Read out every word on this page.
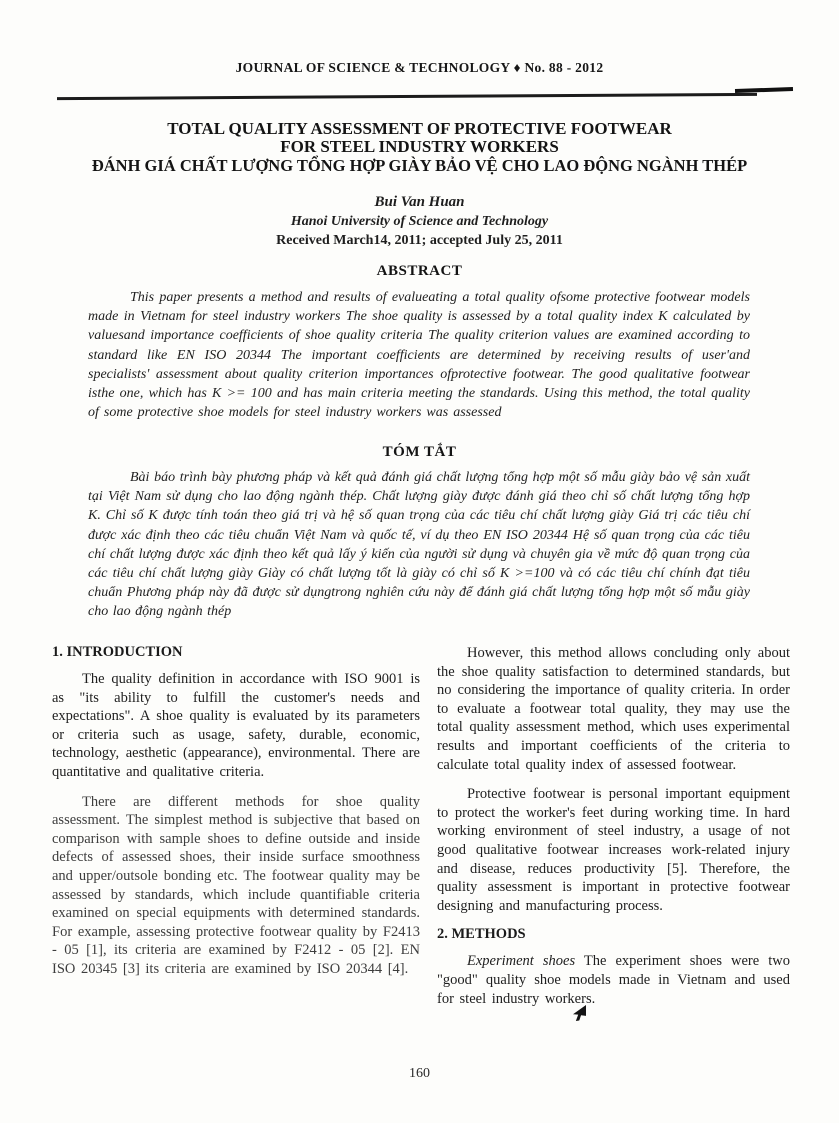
JOURNAL OF SCIENCE & TECHNOLOGY ♦ No. 88 - 2012
TOTAL QUALITY ASSESSMENT OF PROTECTIVE FOOTWEAR
FOR STEEL INDUSTRY WORKERS
ĐÁNH GIÁ CHẤT LƯỢNG TỔNG HỢP GIÀY BẢO VỆ CHO LAO ĐỘNG NGÀNH THÉP
Bui Van Huan
Hanoi University of Science and Technology
Received March14, 2011; accepted July 25, 2011
ABSTRACT

This paper presents a method and results of evalueating a total quality ofsome protective footwear models made in Vietnam for steel industry workers The shoe quality is assessed by a total quality index K calculated by valuesand importance coefficients of shoe quality criteria The quality criterion values are examined according to standard like EN ISO 20344 The important coefficients are determined by receiving results of user'and specialists' assessment about quality criterion importances ofprotective footwear. The good qualitative footwear isthe one, which has K >= 100 and has main criteria meeting the standards. Using this method, the total quality of some protective shoe models for steel industry workers was assessed

TÓM TẮT

Bài báo trình bày phương pháp và kết quả đánh giá chất lượng tổng hợp một số mẫu giày bảo vệ sản xuất tại Việt Nam sử dụng cho lao động ngành thép. Chất lượng giày được đánh giá theo chỉ số chất lượng tổng hợp K. Chỉ số K được tính toán theo giá trị và hệ số quan trọng của các tiêu chí chất lượng giày Giá trị các tiêu chí được xác định theo các tiêu chuẩn Việt Nam và quốc tế, ví dụ theo EN ISO 20344 Hệ số quan trọng của các tiêu chí chất lượng được xác định theo kết quả lấy ý kiến của người sử dụng và chuyên gia về mức độ quan trọng của các tiêu chí chất lượng giày Giày có chất lượng tốt là giày có chỉ số K >=100 và có các tiêu chí chính đạt tiêu chuẩn Phương pháp này đã được sử dụngtrong nghiên cứu này để đánh giá chất lượng tổng hợp một số mẫu giày cho lao động ngành thép

1. INTRODUCTION

The quality definition in accordance with ISO 9001 is as "its ability to fulfill the customer's needs and expectations". A shoe quality is evaluated by its parameters or criteria such as usage, safety, durable, economic, technology, aesthetic (appearance), environmental. There are quantitative and qualitative criteria.

There are different methods for shoe quality assessment. The simplest method is subjective that based on comparison with sample shoes to define outside and inside defects of assessed shoes, their inside surface smoothness and upper/outsole bonding etc. The footwear quality may be assessed by standards, which include quantifiable criteria examined on special equipments with determined standards. For example, assessing protective footwear quality by F2413 - 05 [1], its criteria are examined by F2412 - 05 [2]. EN ISO 20345 [3] its criteria are examined by ISO 20344 [4].

However, this method allows concluding only about the shoe quality satisfaction to determined standards, but no considering the importance of quality criteria. In order to evaluate a footwear total quality, they may use the total quality assessment method, which uses experimental results and important coefficients of the criteria to calculate total quality index of assessed footwear.

Protective footwear is personal important equipment to protect the worker's feet during working time. In hard working environment of steel industry, a usage of not good qualitative footwear increases work-related injury and disease, reduces productivity [5]. Therefore, the quality assessment is important in protective footwear designing and manufacturing process.

2. METHODS

Experiment shoes The experiment shoes were two "good" quality shoe models made in Vietnam and used for steel industry workers.

160
